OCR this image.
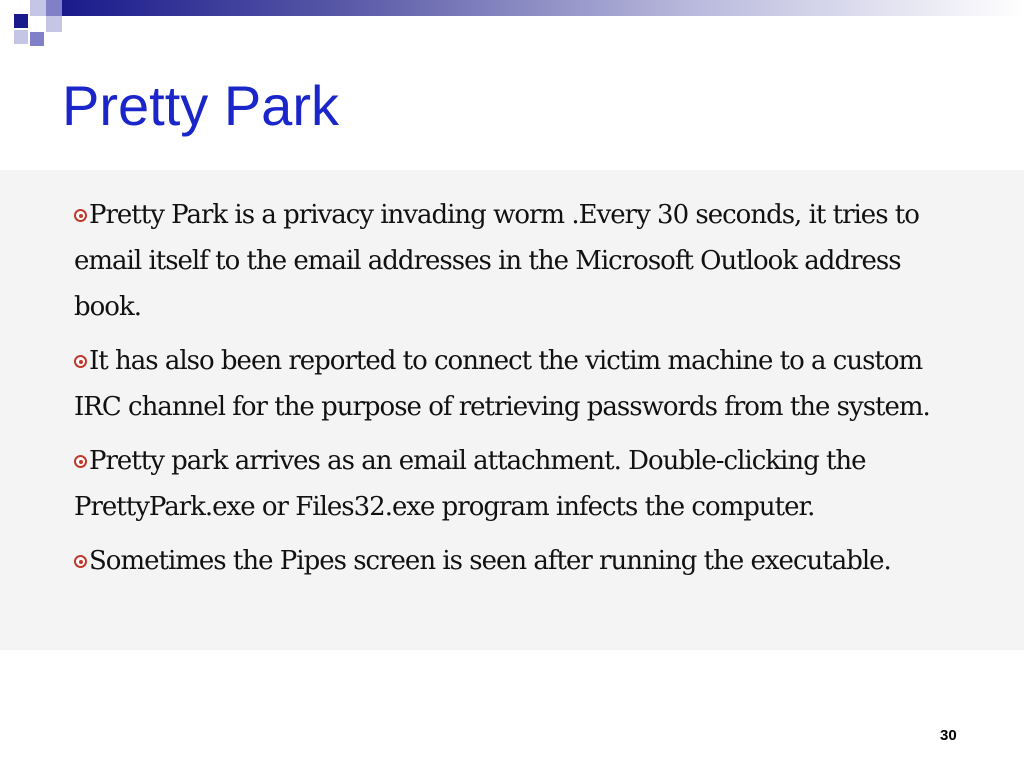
Pretty Park
Pretty Park is a privacy invading worm .Every 30 seconds, it tries to email itself to the email addresses in the Microsoft Outlook address book.
It has also been reported to connect the victim machine to a custom IRC channel for the purpose of retrieving passwords from the system.
Pretty park arrives as an email attachment. Double-clicking the PrettyPark.exe or Files32.exe program infects the computer.
Sometimes the Pipes screen is seen after running the executable.
30
